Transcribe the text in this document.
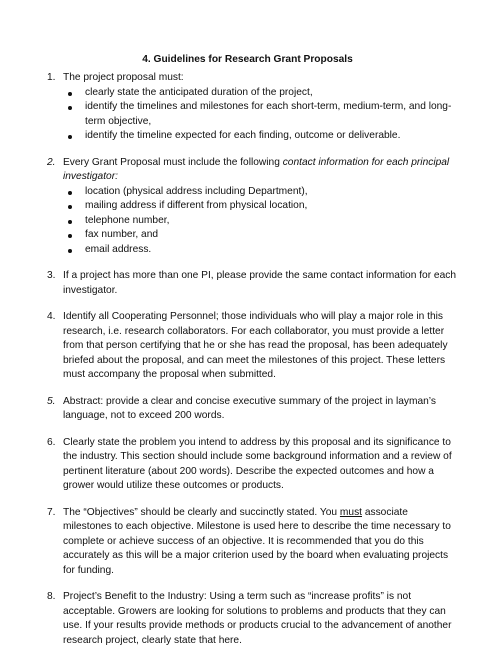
4. Guidelines for Research Grant Proposals
1. The project proposal must:
clearly state the anticipated duration of the project,
identify the timelines and milestones for each short-term, medium-term, and long-term objective,
identify the timeline expected for each finding, outcome or deliverable.
2. Every Grant Proposal must include the following contact information for each principal investigator:
location (physical address including Department),
mailing address if different from physical location,
telephone number,
fax number, and
email address.
3. If a project has more than one PI, please provide the same contact information for each investigator.
4. Identify all Cooperating Personnel; those individuals who will play a major role in this research, i.e. research collaborators. For each collaborator, you must provide a letter from that person certifying that he or she has read the proposal, has been adequately briefed about the proposal, and can meet the milestones of this project. These letters must accompany the proposal when submitted.
5. Abstract: provide a clear and concise executive summary of the project in layman’s language, not to exceed 200 words.
6. Clearly state the problem you intend to address by this proposal and its significance to the industry. This section should include some background information and a review of pertinent literature (about 200 words). Describe the expected outcomes and how a grower would utilize these outcomes or products.
7. The “Objectives” should be clearly and succinctly stated. You must associate milestones to each objective. Milestone is used here to describe the time necessary to complete or achieve success of an objective. It is recommended that you do this accurately as this will be a major criterion used by the board when evaluating projects for funding.
8. Project’s Benefit to the Industry: Using a term such as “increase profits” is not acceptable. Growers are looking for solutions to problems and products that they can use. If your results provide methods or products crucial to the advancement of another research project, clearly state that here.
